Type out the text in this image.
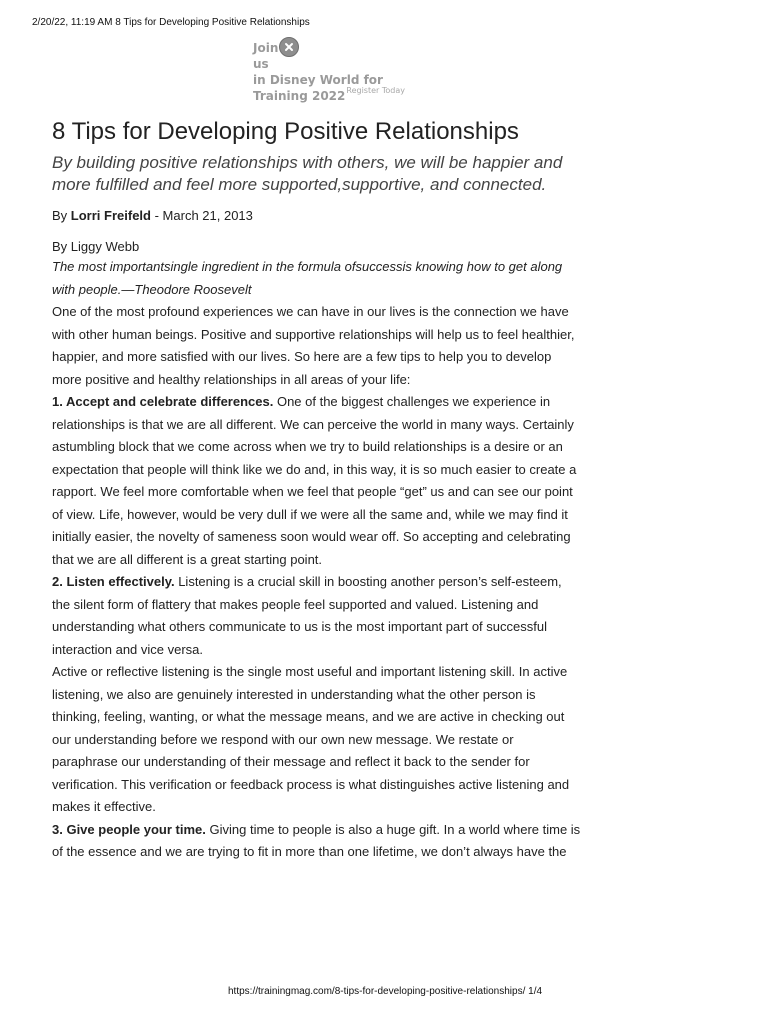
2/20/22, 11:19 AM 8 Tips for Developing Positive Relationships
Join
us
in Disney World for
Training 2022 Register Today
8 Tips for Developing Positive Relationships

By building positive relationships with others, we will be happier and more fulfilled and feel more supported,supportive, and connected.

By Lorri Freifeld - March 21, 2013
By Liggy Webb

The most importantsingle ingredient in the formula ofsuccessis knowing how to get along with people.—Theodore Roosevelt

One of the most profound experiences we can have in our lives is the connection we have with other human beings. Positive and supportive relationships will help us to feel healthier, happier, and more satisfied with our lives. So here are a few tips to help you to develop more positive and healthy relationships in all areas of your life:

1. Accept and celebrate differences. One of the biggest challenges we experience in relationships is that we are all different. We can perceive the world in many ways. Certainly astumbling block that we come across when we try to build relationships is a desire or an expectation that people will think like we do and, in this way, it is so much easier to create a rapport. We feel more comfortable when we feel that people “get” us and can see our point of view. Life, however, would be very dull if we were all the same and, while we may find it initially easier, the novelty of sameness soon would wear off. So accepting and celebrating that we are all different is a great starting point.

2. Listen effectively. Listening is a crucial skill in boosting another person’s self-esteem, the silent form of flattery that makes people feel supported and valued. Listening and understanding what others communicate to us is the most important part of successful interaction and vice versa.

Active or reflective listening is the single most useful and important listening skill. In active listening, we also are genuinely interested in understanding what the other person is thinking, feeling, wanting, or what the message means, and we are active in checking out our understanding before we respond with our own new message. We restate or paraphrase our understanding of their message and reflect it back to the sender for verification. This verification or feedback process is what distinguishes active listening and makes it effective.

3. Give people your time. Giving time to people is also a huge gift. In a world where time is of the essence and we are trying to fit in more than one lifetime, we don’t always have the

https://trainingmag.com/8-tips-for-developing-positive-relationships/ 1/4
